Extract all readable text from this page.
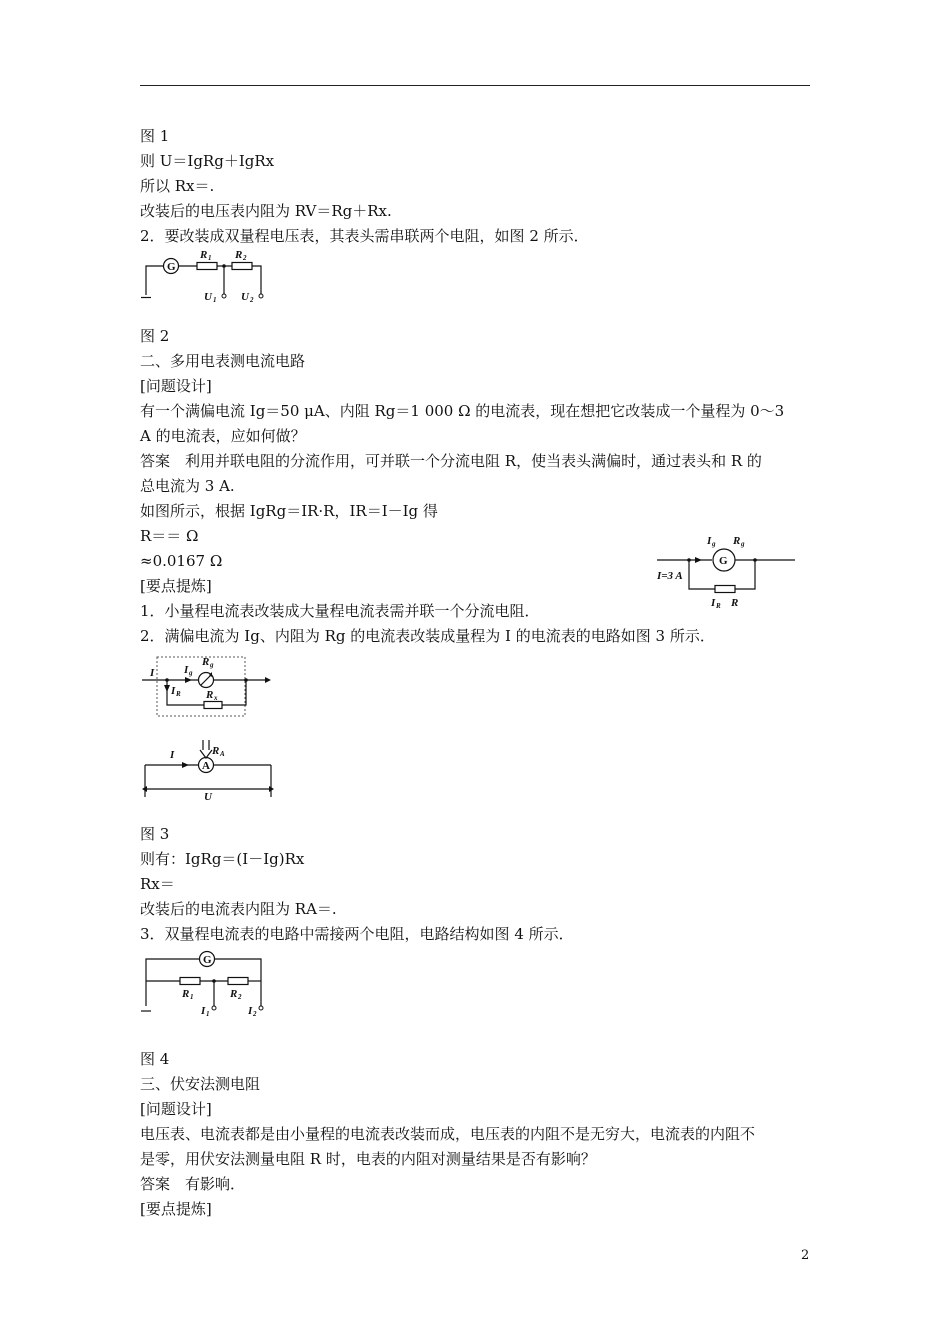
图 1
则 U＝IgRg＋IgRx
所以 Rx＝.
改装后的电压表内阻为 RV＝Rg＋Rx.
2．要改装成双量程电压表，其表头需串联两个电阻，如图 2 所示．
G
R 1 R 2
U 1 U 2
图 2
二、多用电表测电流电路
[问题设计]
有一个满偏电流 Ig＝50 μA、内阻 Rg＝1 000 Ω 的电流表，现在想把它改装成一个量程为 0～3
A 的电流表，应如何做？
答案　利用并联电阻的分流作用，可并联一个分流电阻 R，使当表头满偏时，通过表头和 R 的
总电流为 3 A.
如图所示，根据 IgRg＝IR·R，IR＝I－Ig 得
R＝＝ Ω
≈0.0167 Ω
[要点提炼]
I g R g
G
I=3 A
I R R
1．小量程电流表改装成大量程电流表需并联一个分流电阻．
2．满偏电流为 Ig、内阻为 Rg 的电流表改装成量程为 I 的电流表的电路如图 3 所示．
I	I g
R g
I R R x
I	R A
A
U
图 3
则有：IgRg＝(I－Ig)Rx
Rx＝
改装后的电流表内阻为 RA＝.
3．双量程电流表的电路中需接两个电阻，电路结构如图 4 所示．
G
R 1	R 2
I 1	I 2
图 4
三、伏安法测电阻
[问题设计]
电压表、电流表都是由小量程的电流表改装而成，电压表的内阻不是无穷大，电流表的内阻不
是零，用伏安法测量电阻 R 时，电表的内阻对测量结果是否有影响？
答案　有影响．
[要点提炼]
2
